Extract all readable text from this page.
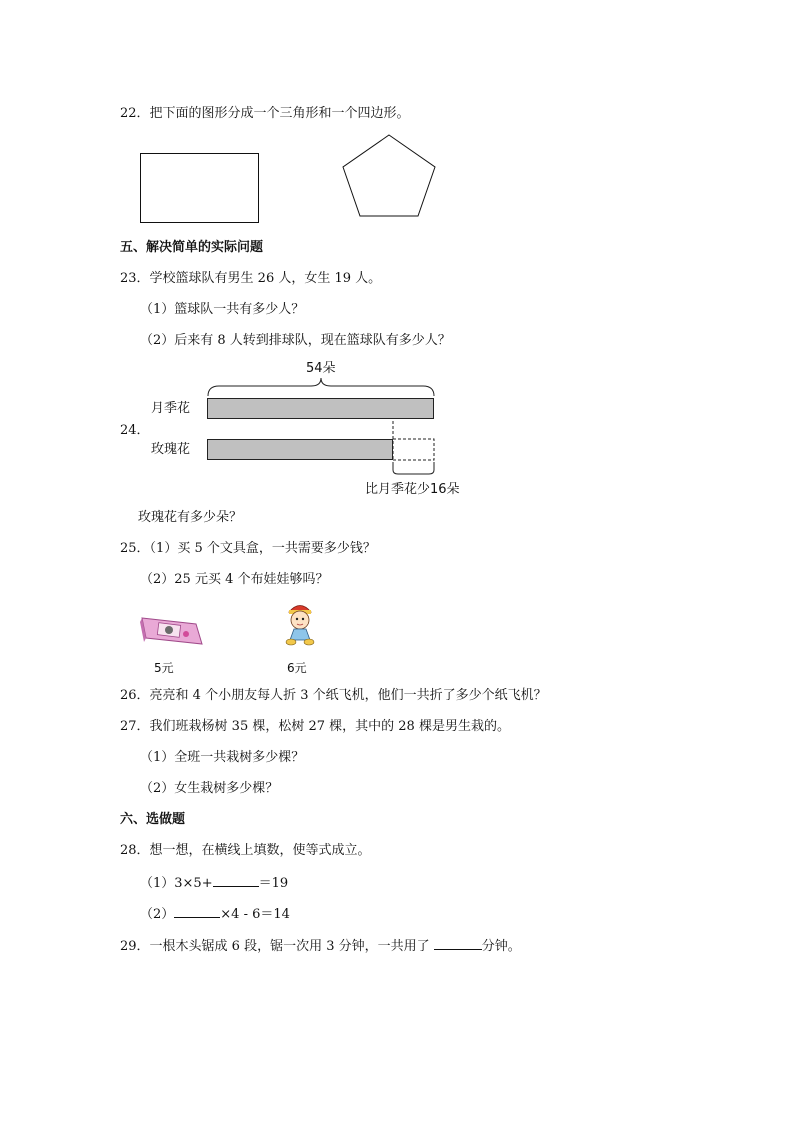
22．把下面的图形分成一个三角形和一个四边形。
五、解决简单的实际问题
23．学校篮球队有男生 26 人，女生 19 人。
（1）篮球队一共有多少人？
（2）后来有 8 人转到排球队，现在篮球队有多少人？
24．
54朵
月季花
玫瑰花
比月季花少16朵
玫瑰花有多少朵？
25．（1）买 5 个文具盒，一共需要多少钱？
（2）25 元买 4 个布娃娃够吗？
5元	6元
26．亮亮和 4 个小朋友每人折 3 个纸飞机，他们一共折了多少个纸飞机？
27．我们班栽杨树 35 棵，松树 27 棵，其中的 28 棵是男生栽的。
（1）全班一共栽树多少棵？
（2）女生栽树多少棵？
六、选做题
28．想一想，在横线上填数，使等式成立。
（1）3×5+	＝19
（2）	×4 - 6＝14
29．一根木头锯成 6 段，锯一次用 3 分钟，一共用了	分钟。
